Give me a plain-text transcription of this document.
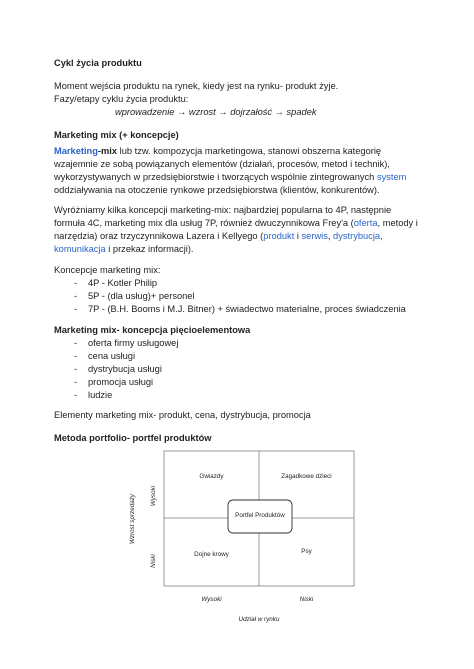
Cykl życia produktu
Moment wejścia produktu na rynek, kiedy jest na rynku- produkt żyje.
Fazy/etapy cyklu życia produktu:
wprowadzenie → wzrost → dojrzałość → spadek
Marketing mix (+ koncepcje)
Marketing-mix lub tzw. kompozycja marketingowa, stanowi obszerna kategorię
wzajemnie ze sobą powiązanych elementów (działań, procesów, metod i technik),
wykorzystywanych w przedsiębiorstwie i tworzących wspólnie zintegrowanych system
oddziaływania na otoczenie rynkowe przedsiębiorstwa (klientów, konkurentów).
Wyróżniamy kilka koncepcji marketing-mix: najbardziej popularna to 4P, następnie
formuła 4C, marketing mix dla usług 7P, również dwuczynnikowa Frey'a (oferta, metody i
narzędzia) oraz trzyczynnikowa Lazera i Kellyego (produkt i serwis, dystrybucja,
komunikacja i przekaz informacji).
Koncepcje marketing mix:
- 4P - Kotler Philip
- 5P - (dla usług)+ personel
- 7P - (B.H. Booms i M.J. Bitner) + świadectwo materialne, proces świadczenia
Marketing mix- koncepcja pięcioelementowa
- oferta firmy usługowej
- cena usługi
- dystrybucja usługi
- promocja usługi
- ludzie
Elementy marketing mix- produkt, cena, dystrybucja, promocja
Metoda portfolio- portfel produktów
Gwiazdy	Zagadkowe dzieci
Dojne krowy	Psy
Portfel Produktów
Wzrost sprzedaży Wysoki
Niski
Wysoki	Niski
Udział w rynku
